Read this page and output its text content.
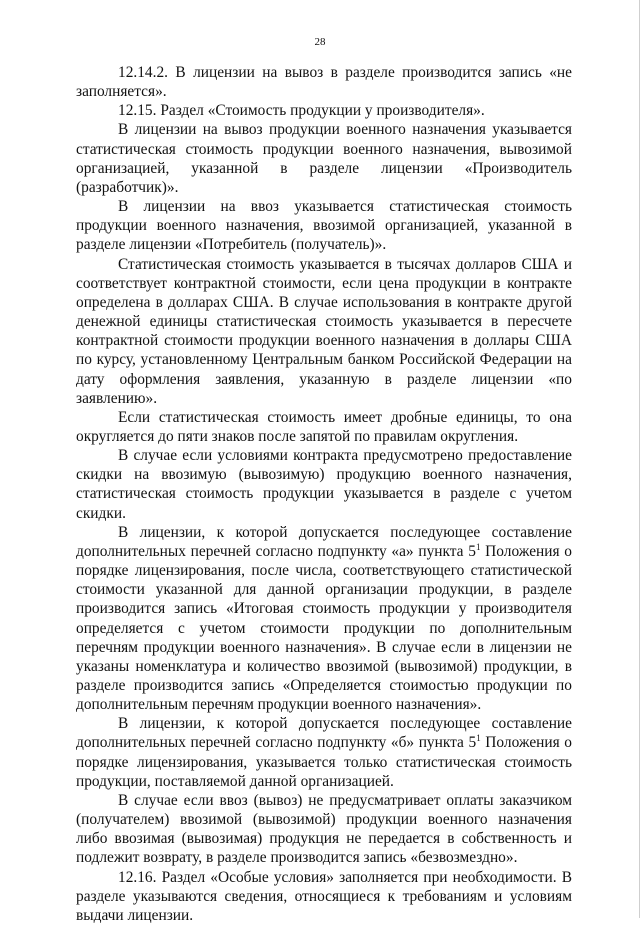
28

12.14.2. В лицензии на вывоз в разделе производится запись «не заполняется».

12.15. Раздел «Стоимость продукции у производителя».

В лицензии на вывоз продукции военного назначения указывается статистическая стоимость продукции военного назначения, вывозимой организацией, указанной в разделе лицензии «Производитель (разработчик)».

В лицензии на ввоз указывается статистическая стоимость продукции военного назначения, ввозимой организацией, указанной в разделе лицензии «Потребитель (получатель)».

Статистическая стоимость указывается в тысячах долларов США и соответствует контрактной стоимости, если цена продукции в контракте определена в долларах США. В случае использования в контракте другой денежной единицы статистическая стоимость указывается в пересчете контрактной стоимости продукции военного назначения в доллары США по курсу, установленному Центральным банком Российской Федерации на дату оформления заявления, указанную в разделе лицензии «по заявлению».

Если статистическая стоимость имеет дробные единицы, то она округляется до пяти знаков после запятой по правилам округления.

В случае если условиями контракта предусмотрено предоставление скидки на ввозимую (вывозимую) продукцию военного назначения, статистическая стоимость продукции указывается в разделе с учетом скидки.

В лицензии, к которой допускается последующее составление дополнительных перечней согласно подпункту «а» пункта $5^1$ Положения о порядке лицензирования, после числа, соответствующего статистической стоимости указанной для данной организации продукции, в разделе производится запись «Итоговая стоимость продукции у производителя определяется с учетом стоимости продукции по дополнительным перечням продукции военного назначения». В случае если в лицензии не указаны номенклатура и количество ввозимой (вывозимой) продукции, в разделе производится запись «Определяется стоимостью продукции по дополнительным перечням продукции военного назначения».

В лицензии, к которой допускается последующее составление дополнительных перечней согласно подпункту «б» пункта $5^1$ Положения о порядке лицензирования, указывается только статистическая стоимость продукции, поставляемой данной организацией.

В случае если ввоз (вывоз) не предусматривает оплаты заказчиком (получателем) ввозимой (вывозимой) продукции военного назначения либо ввозимая (вывозимая) продукция не передается в собственность и подлежит возврату, в разделе производится запись «безвозмездно».

12.16. Раздел «Особые условия» заполняется при необходимости. В разделе указываются сведения, относящиеся к требованиям и условиям выдачи лицензии.
